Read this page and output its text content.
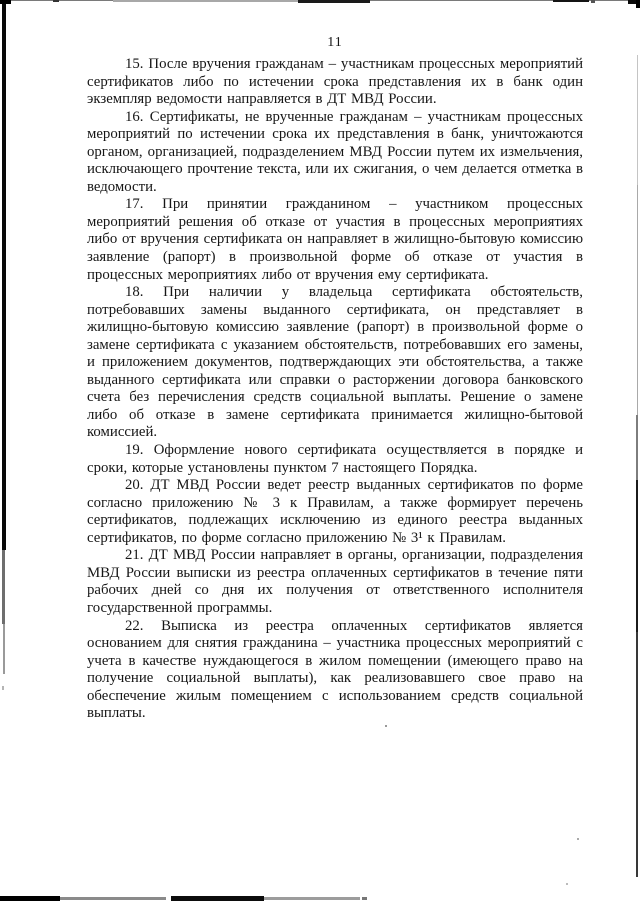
11

15. После вручения гражданам – участникам процессных мероприятий сертификатов либо по истечении срока представления их в банк один экземпляр ведомости направляется в ДТ МВД России.

16. Сертификаты, не врученные гражданам – участникам процессных мероприятий по истечении срока их представления в банк, уничтожаются органом, организацией, подразделением МВД России путем их измельчения, исключающего прочтение текста, или их сжигания, о чем делается отметка в ведомости.

17. При принятии гражданином – участником процессных мероприятий решения об отказе от участия в процессных мероприятиях либо от вручения сертификата он направляет в жилищно-бытовую комиссию заявление (рапорт) в произвольной форме об отказе от участия в процессных мероприятиях либо от вручения ему сертификата.

18. При наличии у владельца сертификата обстоятельств, потребовавших замены выданного сертификата, он представляет в жилищно-бытовую комиссию заявление (рапорт) в произвольной форме о замене сертификата с указанием обстоятельств, потребовавших его замены, и приложением документов, подтверждающих эти обстоятельства, а также выданного сертификата или справки о расторжении договора банковского счета без перечисления средств социальной выплаты. Решение о замене либо об отказе в замене сертификата принимается жилищно-бытовой комиссией.

19. Оформление нового сертификата осуществляется в порядке и сроки, которые установлены пунктом 7 настоящего Порядка.

20. ДТ МВД России ведет реестр выданных сертификатов по форме согласно приложению № 3 к Правилам, а также формирует перечень сертификатов, подлежащих исключению из единого реестра выданных сертификатов, по форме согласно приложению № 3¹ к Правилам.

21. ДТ МВД России направляет в органы, организации, подразделения МВД России выписки из реестра оплаченных сертификатов в течение пяти рабочих дней со дня их получения от ответственного исполнителя государственной программы.

22. Выписка из реестра оплаченных сертификатов является основанием для снятия гражданина – участника процессных мероприятий с учета в качестве нуждающегося в жилом помещении (имеющего право на получение социальной выплаты), как реализовавшего свое право на обеспечение жилым помещением с использованием средств социальной выплаты.
